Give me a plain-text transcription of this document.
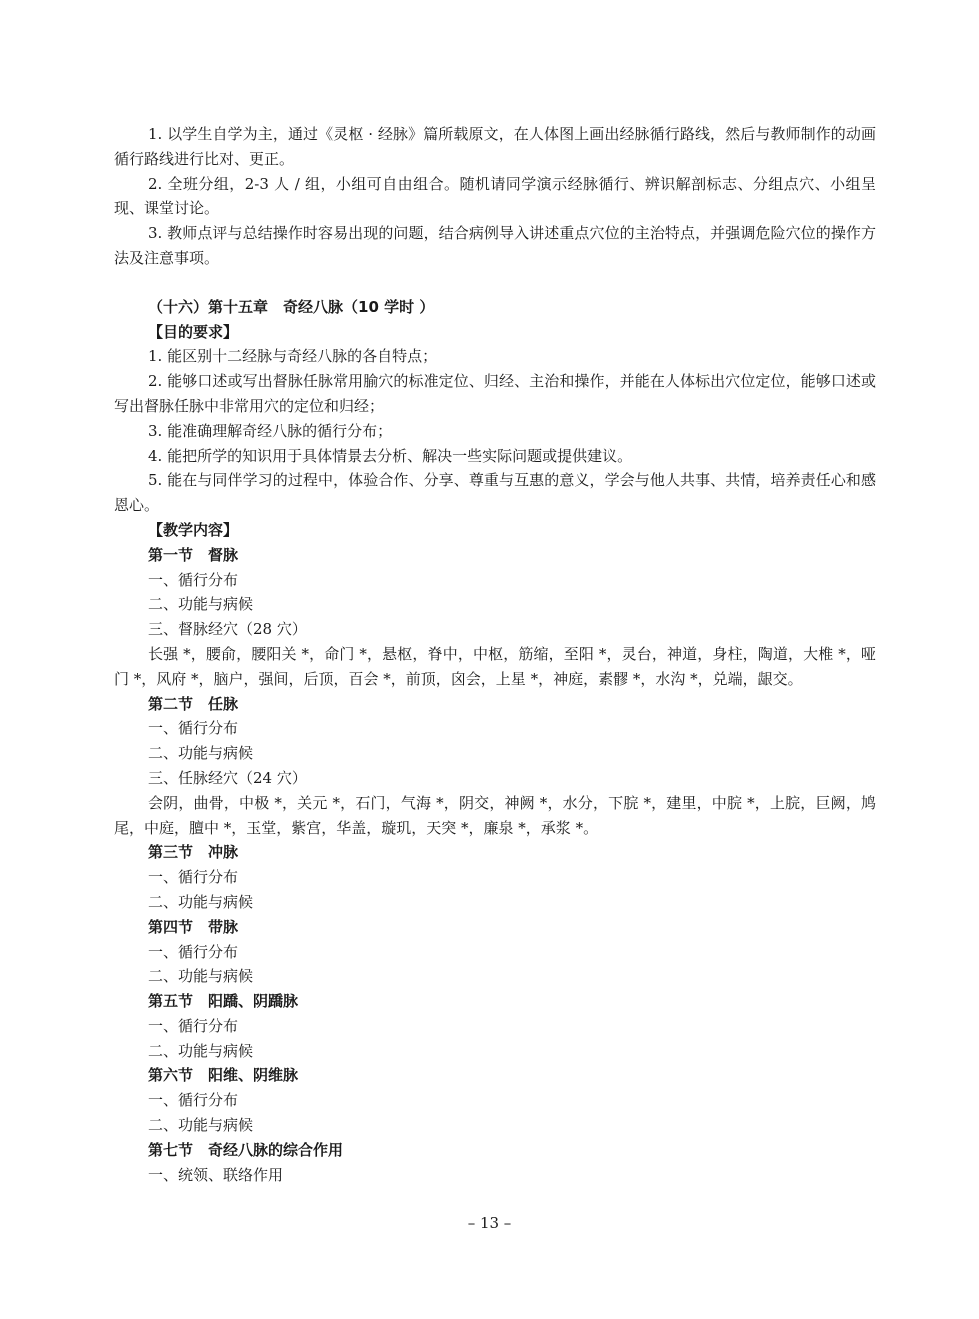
1. 以学生自学为主，通过《灵枢 · 经脉》篇所载原文，在人体图上画出经脉循行路线，然后与教师制作的动画循行路线进行比对、更正。

2. 全班分组，2-3 人 / 组，小组可自由组合。随机请同学演示经脉循行、辨识解剖标志、分组点穴、小组呈现、课堂讨论。

3. 教师点评与总结操作时容易出现的问题，结合病例导入讲述重点穴位的主治特点，并强调危险穴位的操作方法及注意事项。

（十六）第十五章　奇经八脉（10 学时 ）

【目的要求】

1. 能区别十二经脉与奇经八脉的各自特点；

2. 能够口述或写出督脉任脉常用腧穴的标准定位、归经、主治和操作，并能在人体标出穴位定位，能够口述或写出督脉任脉中非常用穴的定位和归经；

3. 能准确理解奇经八脉的循行分布；

4. 能把所学的知识用于具体情景去分析、解决一些实际问题或提供建议。

5. 能在与同伴学习的过程中，体验合作、分享、尊重与互惠的意义，学会与他人共事、共情，培养责任心和感恩心。

【教学内容】

第一节　督脉

一、循行分布

二、功能与病候

三、督脉经穴（28 穴）

长强 *，腰俞，腰阳关 *，命门 *，悬枢，脊中，中枢，筋缩，至阳 *，灵台，神道，身柱，陶道，大椎 *，哑门 *，风府 *，脑户，强间，后顶，百会 *，前顶，囟会，上星 *，神庭，素髎 *，水沟 *，兑端，龈交。

第二节　任脉

一、循行分布

二、功能与病候

三、任脉经穴（24 穴）

会阴，曲骨，中极 *，关元 *，石门，气海 *，阴交，神阙 *，水分，下脘 *，建里，中脘 *，上脘，巨阙，鸠尾，中庭，膻中 *，玉堂，紫宫，华盖，璇玑，天突 *，廉泉 *，承浆 *。

第三节　冲脉

一、循行分布

二、功能与病候

第四节　带脉

一、循行分布

二、功能与病候

第五节　阳蹻、阴蹻脉

一、循行分布

二、功能与病候

第六节　阳维、阴维脉

一、循行分布

二、功能与病候

第七节　奇经八脉的综合作用

一、统领、联络作用

– 13 –
